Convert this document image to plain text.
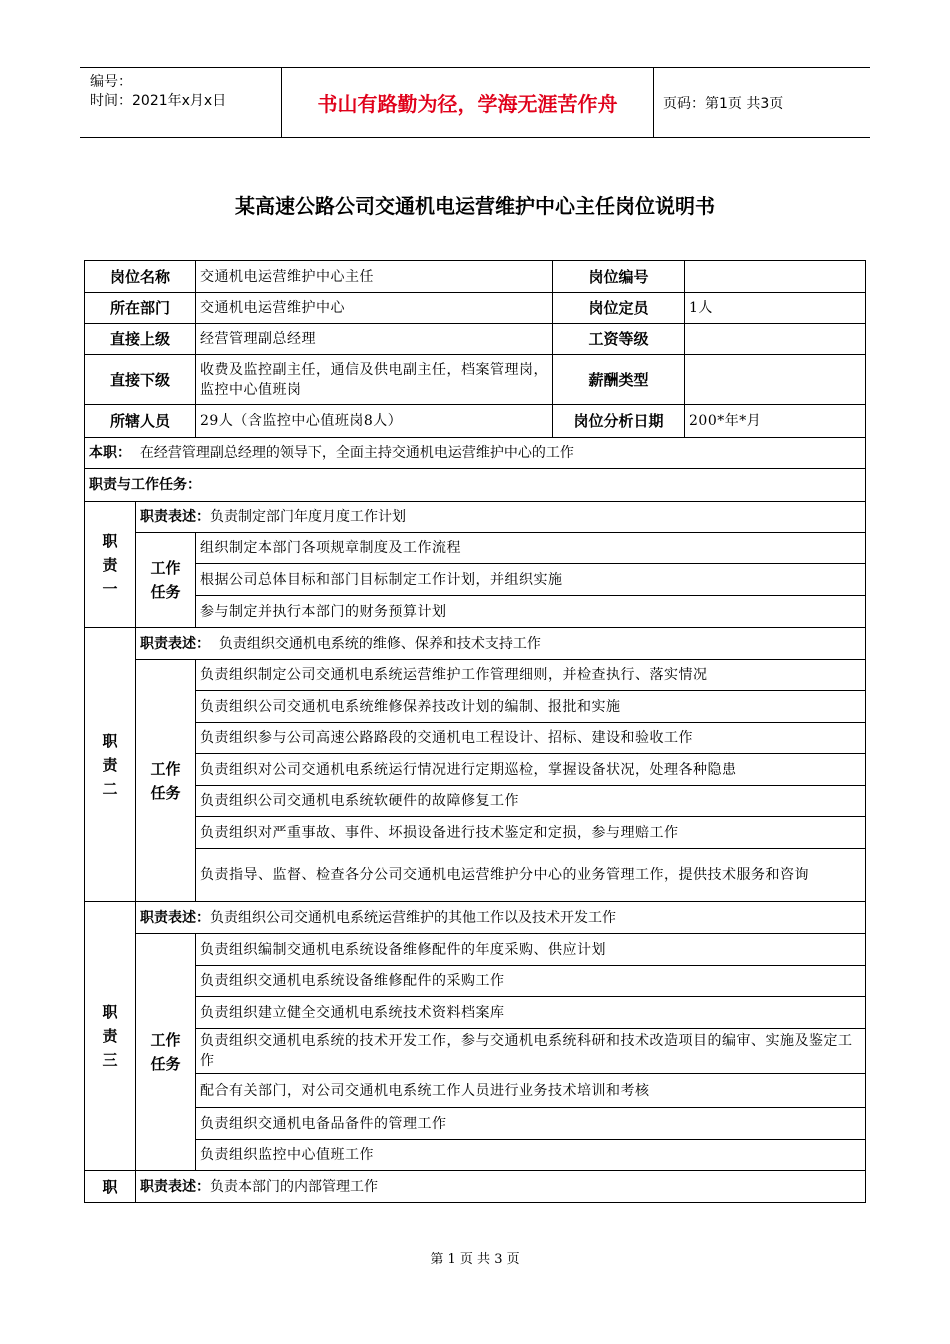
编号：
时间：2021年x月x日	书山有路勤为径，学海无涯苦作舟	页码：第1页 共3页
某高速公路公司交通机电运营维护中心主任岗位说明书
岗位名称		交通机电运营维护中心主任	岗位编号	
所在部门		交通机电运营维护中心	岗位定员	1人
直接上级		经营管理副总经理	工资等级	
直接下级		收费及监控副主任，通信及供电副主任，档案管理岗，监控中心值班岗	薪酬类型	
所辖人员		29人（含监控中心值班岗8人）	岗位分析日期	200*年*月
本职： 在经营管理副总经理的领导下，全面主持交通机电运营维护中心的工作				
职责与工作任务：				
职责一	职责表述：负责制定部门年度月度工作计划			
	工作任务	组织制定本部门各项规章制度及工作流程		
		根据公司总体目标和部门目标制定工作计划，并组织实施		
		参与制定并执行本部门的财务预算计划		
职责二	职责表述： 负责组织交通机电系统的维修、保养和技术支持工作			
	工作任务	负责组织制定公司交通机电系统运营维护工作管理细则，并检查执行、落实情况		
		负责组织公司交通机电系统维修保养技改计划的编制、报批和实施		
		负责组织参与公司高速公路路段的交通机电工程设计、招标、建设和验收工作		
		负责组织对公司交通机电系统运行情况进行定期巡检，掌握设备状况，处理各种隐患		
		负责组织公司交通机电系统软硬件的故障修复工作		
		负责组织对严重事故、事件、坏损设备进行技术鉴定和定损，参与理赔工作		
		负责指导、监督、检查各分公司交通机电运营维护分中心的业务管理工作，提供技术服务和咨询		
职责三	职责表述：负责组织公司交通机电系统运营维护的其他工作以及技术开发工作			
	工作任务	负责组织编制交通机电系统设备维修配件的年度采购、供应计划		
		负责组织交通机电系统设备维修配件的采购工作		
		负责组织建立健全交通机电系统技术资料档案库		
		负责组织交通机电系统的技术开发工作，参与交通机电系统科研和技术改造项目的编审、实施及鉴定工作		
		配合有关部门，对公司交通机电系统工作人员进行业务技术培训和考核		
		负责组织交通机电备品备件的管理工作		
		负责组织监控中心值班工作		
职	职责表述：负责本部门的内部管理工作			
第 1 页 共 3 页
